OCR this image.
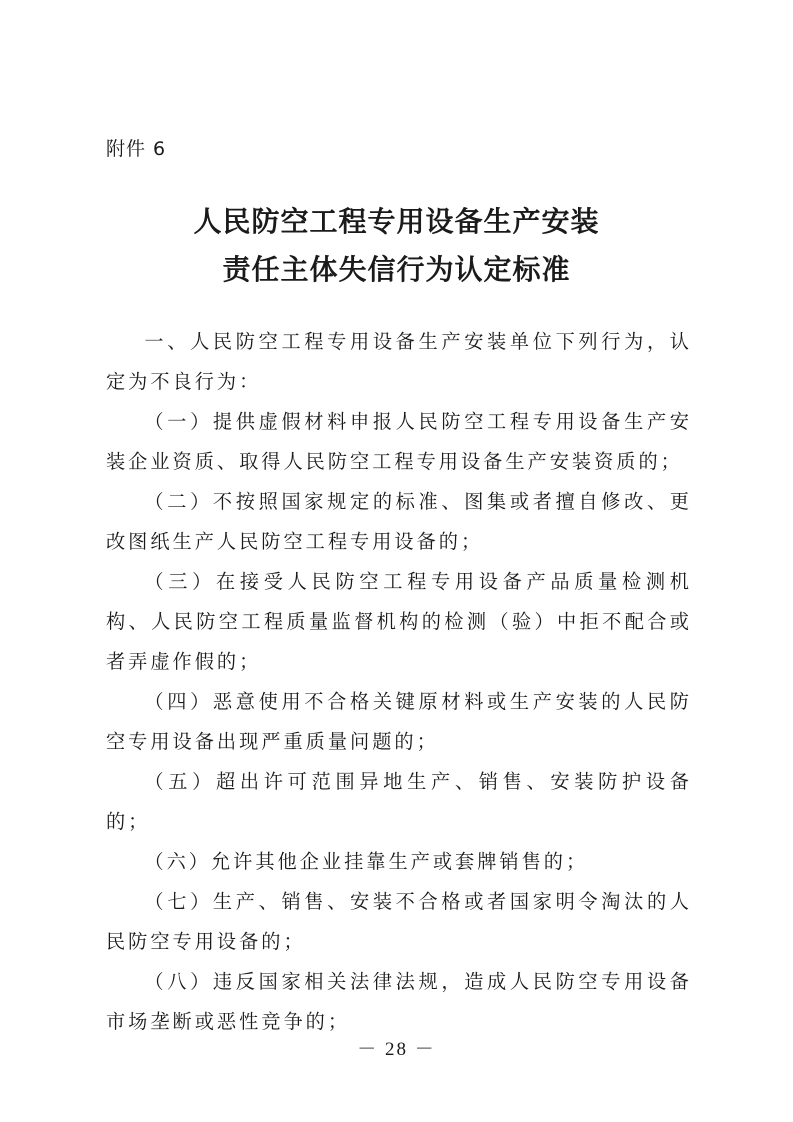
附件 6
人民防空工程专用设备生产安装
责任主体失信行为认定标准

一、人民防空工程专用设备生产安装单位下列行为，认定为不良行为：

（一）提供虚假材料申报人民防空工程专用设备生产安装企业资质、取得人民防空工程专用设备生产安装资质的；

（二）不按照国家规定的标准、图集或者擅自修改、更改图纸生产人民防空工程专用设备的；

（三）在接受人民防空工程专用设备产品质量检测机构、人民防空工程质量监督机构的检测（验）中拒不配合或者弄虚作假的；

（四）恶意使用不合格关键原材料或生产安装的人民防空专用设备出现严重质量问题的；

（五）超出许可范围异地生产、销售、安装防护设备的；

（六）允许其他企业挂靠生产或套牌销售的；

（七）生产、销售、安装不合格或者国家明令淘汰的人民防空专用设备的；

（八）违反国家相关法律法规，造成人民防空专用设备市场垄断或恶性竞争的；

－ 28 －
